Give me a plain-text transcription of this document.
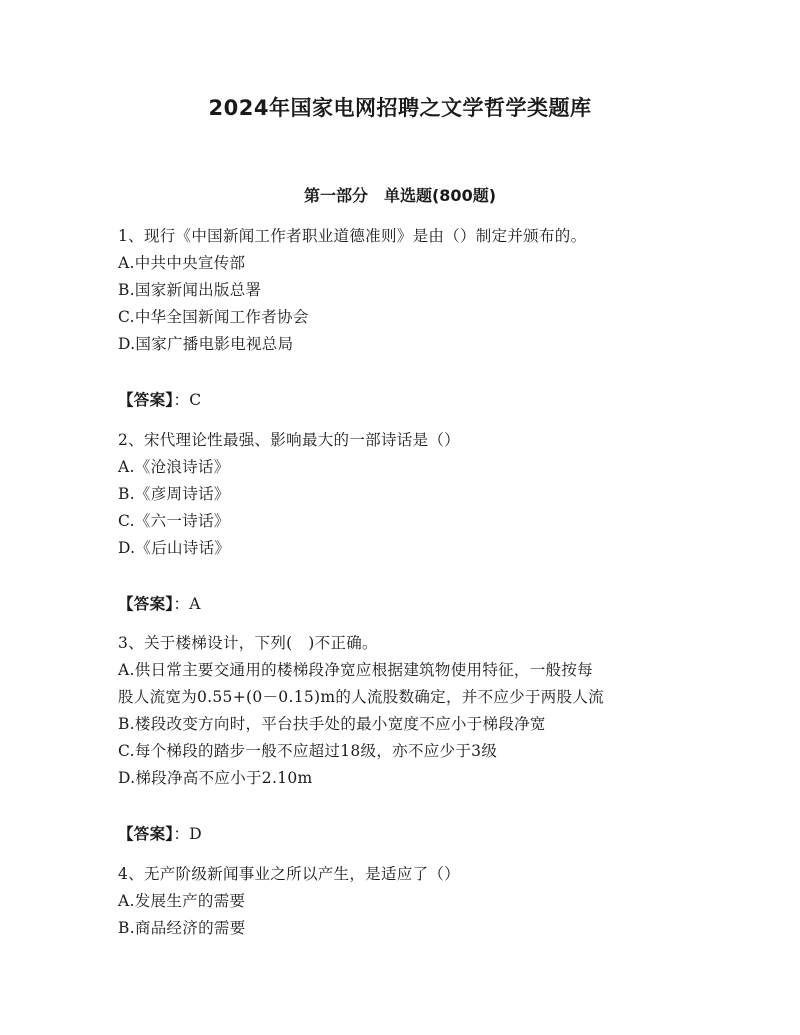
2024年国家电网招聘之文学哲学类题库
第一部分　单选题(800题)
1、现行《中国新闻工作者职业道德准则》是由（）制定并颁布的。
A.中共中央宣传部
B.国家新闻出版总署
C.中华全国新闻工作者协会
D.国家广播电影电视总局
【答案】：C
2、宋代理论性最强、影响最大的一部诗话是（）
A.《沧浪诗话》
B.《彦周诗话》
C.《六一诗话》
D.《后山诗话》
【答案】：A
3、关于楼梯设计，下列(　)不正确。
A.供日常主要交通用的楼梯段净宽应根据建筑物使用特征，一般按每
股人流宽为0.55+(0－0.15)m的人流股数确定，并不应少于两股人流
B.楼段改变方向时，平台扶手处的最小宽度不应小于梯段净宽
C.每个梯段的踏步一般不应超过18级，亦不应少于3级
D.梯段净高不应小于2.10m
【答案】：D
4、无产阶级新闻事业之所以产生，是适应了（）
A.发展生产的需要
B.商品经济的需要
